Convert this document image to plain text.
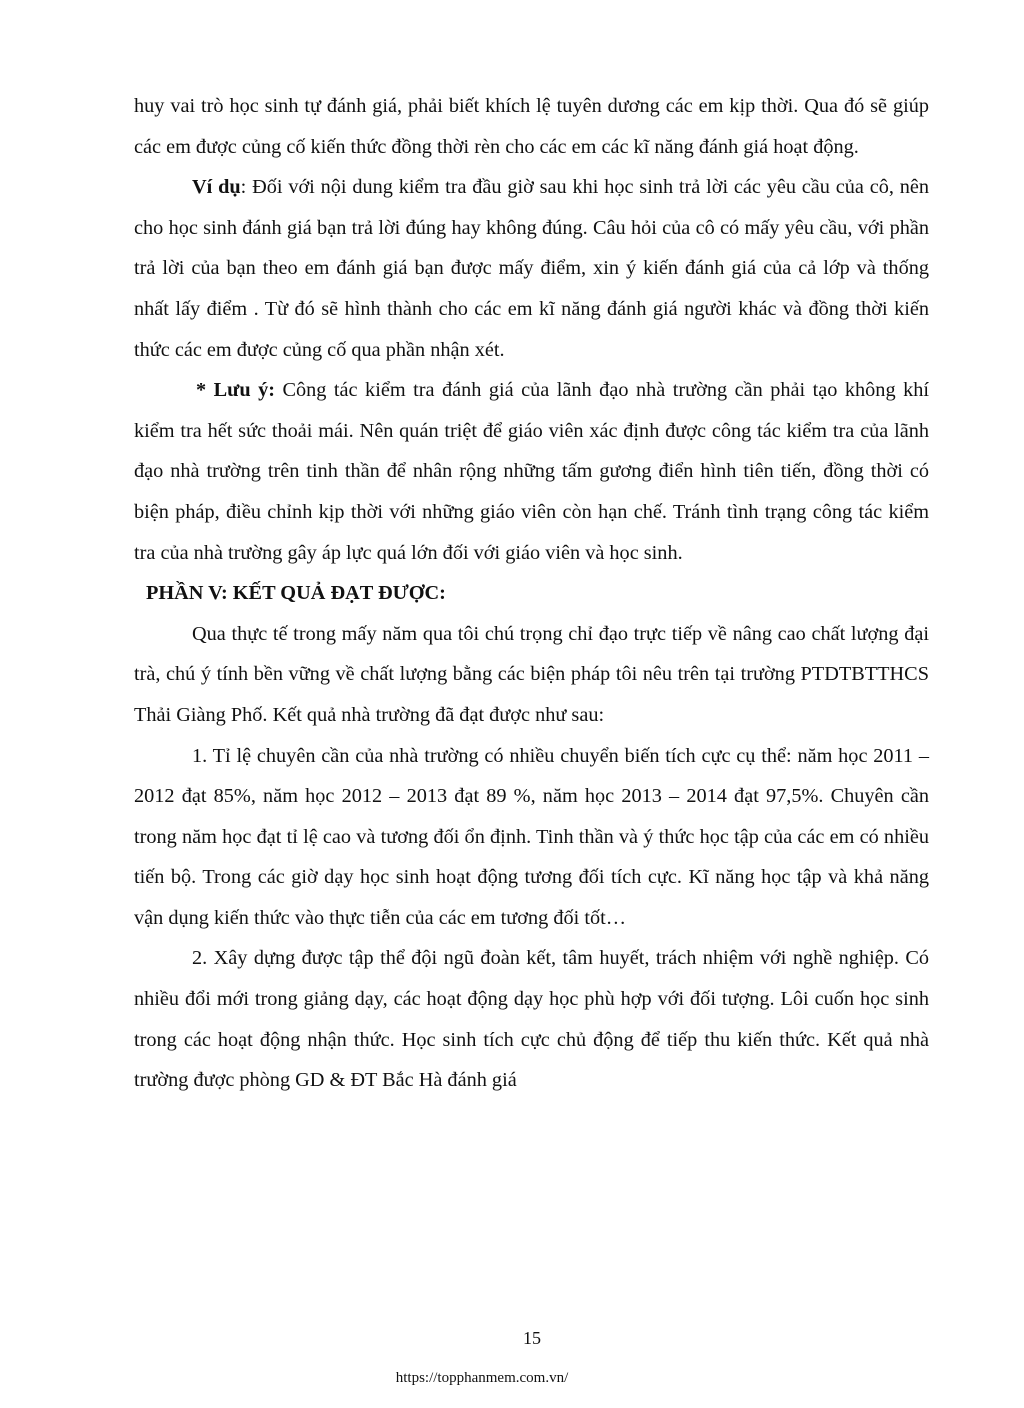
huy vai trò học sinh tự đánh giá, phải biết khích lệ tuyên dương các em kịp thời. Qua đó sẽ giúp các em được củng cố kiến thức đồng thời rèn cho các em các kĩ năng đánh giá hoạt động.

Ví dụ: Đối với nội dung kiểm tra đầu giờ sau khi học sinh trả lời các yêu cầu của cô, nên cho học sinh đánh giá bạn trả lời đúng hay không đúng. Câu hỏi của cô có mấy yêu cầu, với phần trả lời của bạn theo em đánh giá bạn được mấy điểm, xin ý kiến đánh giá của cả lớp và thống nhất lấy điểm . Từ đó sẽ hình thành cho các em kĩ năng đánh giá người khác và đồng thời kiến thức các em được củng cố qua phần nhận xét.

* Lưu ý: Công tác kiểm tra đánh giá của lãnh đạo nhà trường cần phải tạo không khí kiểm tra hết sức thoải mái. Nên quán triệt để giáo viên xác định được công tác kiểm tra của lãnh đạo nhà trường trên tinh thần để nhân rộng những tấm gương điển hình tiên tiến, đồng thời có biện pháp, điều chỉnh kịp thời với những giáo viên còn hạn chế. Tránh tình trạng công tác kiểm tra của nhà trường gây áp lực quá lớn đối với giáo viên và học sinh.

PHẦN V: KẾT QUẢ ĐẠT ĐƯỢC:

Qua thực tế trong mấy năm qua tôi chú trọng chỉ đạo trực tiếp về nâng cao chất lượng đại trà, chú ý tính bền vững về chất lượng bằng các biện pháp tôi nêu trên tại trường PTDTBTTHCS Thải Giàng Phố. Kết quả nhà trường đã đạt được như sau:

1. Tỉ lệ chuyên cần của nhà trường có nhiều chuyển biến tích cực cụ thể: năm học 2011 – 2012 đạt 85%, năm học 2012 – 2013 đạt 89 %, năm học 2013 – 2014 đạt 97,5%. Chuyên cần trong năm học đạt tỉ lệ cao và tương đối ổn định. Tinh thần và ý thức học tập của các em có nhiều tiến bộ. Trong các giờ dạy học sinh hoạt động tương đối tích cực. Kĩ năng học tập và khả năng vận dụng kiến thức vào thực tiễn của các em tương đối tốt…

2. Xây dựng được tập thể đội ngũ đoàn kết, tâm huyết, trách nhiệm với nghề nghiệp. Có nhiều đổi mới trong giảng dạy, các hoạt động dạy học phù hợp với đối tượng. Lôi cuốn học sinh trong các hoạt động nhận thức. Học sinh tích cực chủ động để tiếp thu kiến thức. Kết quả nhà trường được phòng GD & ĐT Bắc Hà đánh giá

15
https://topphanmem.com.vn/
